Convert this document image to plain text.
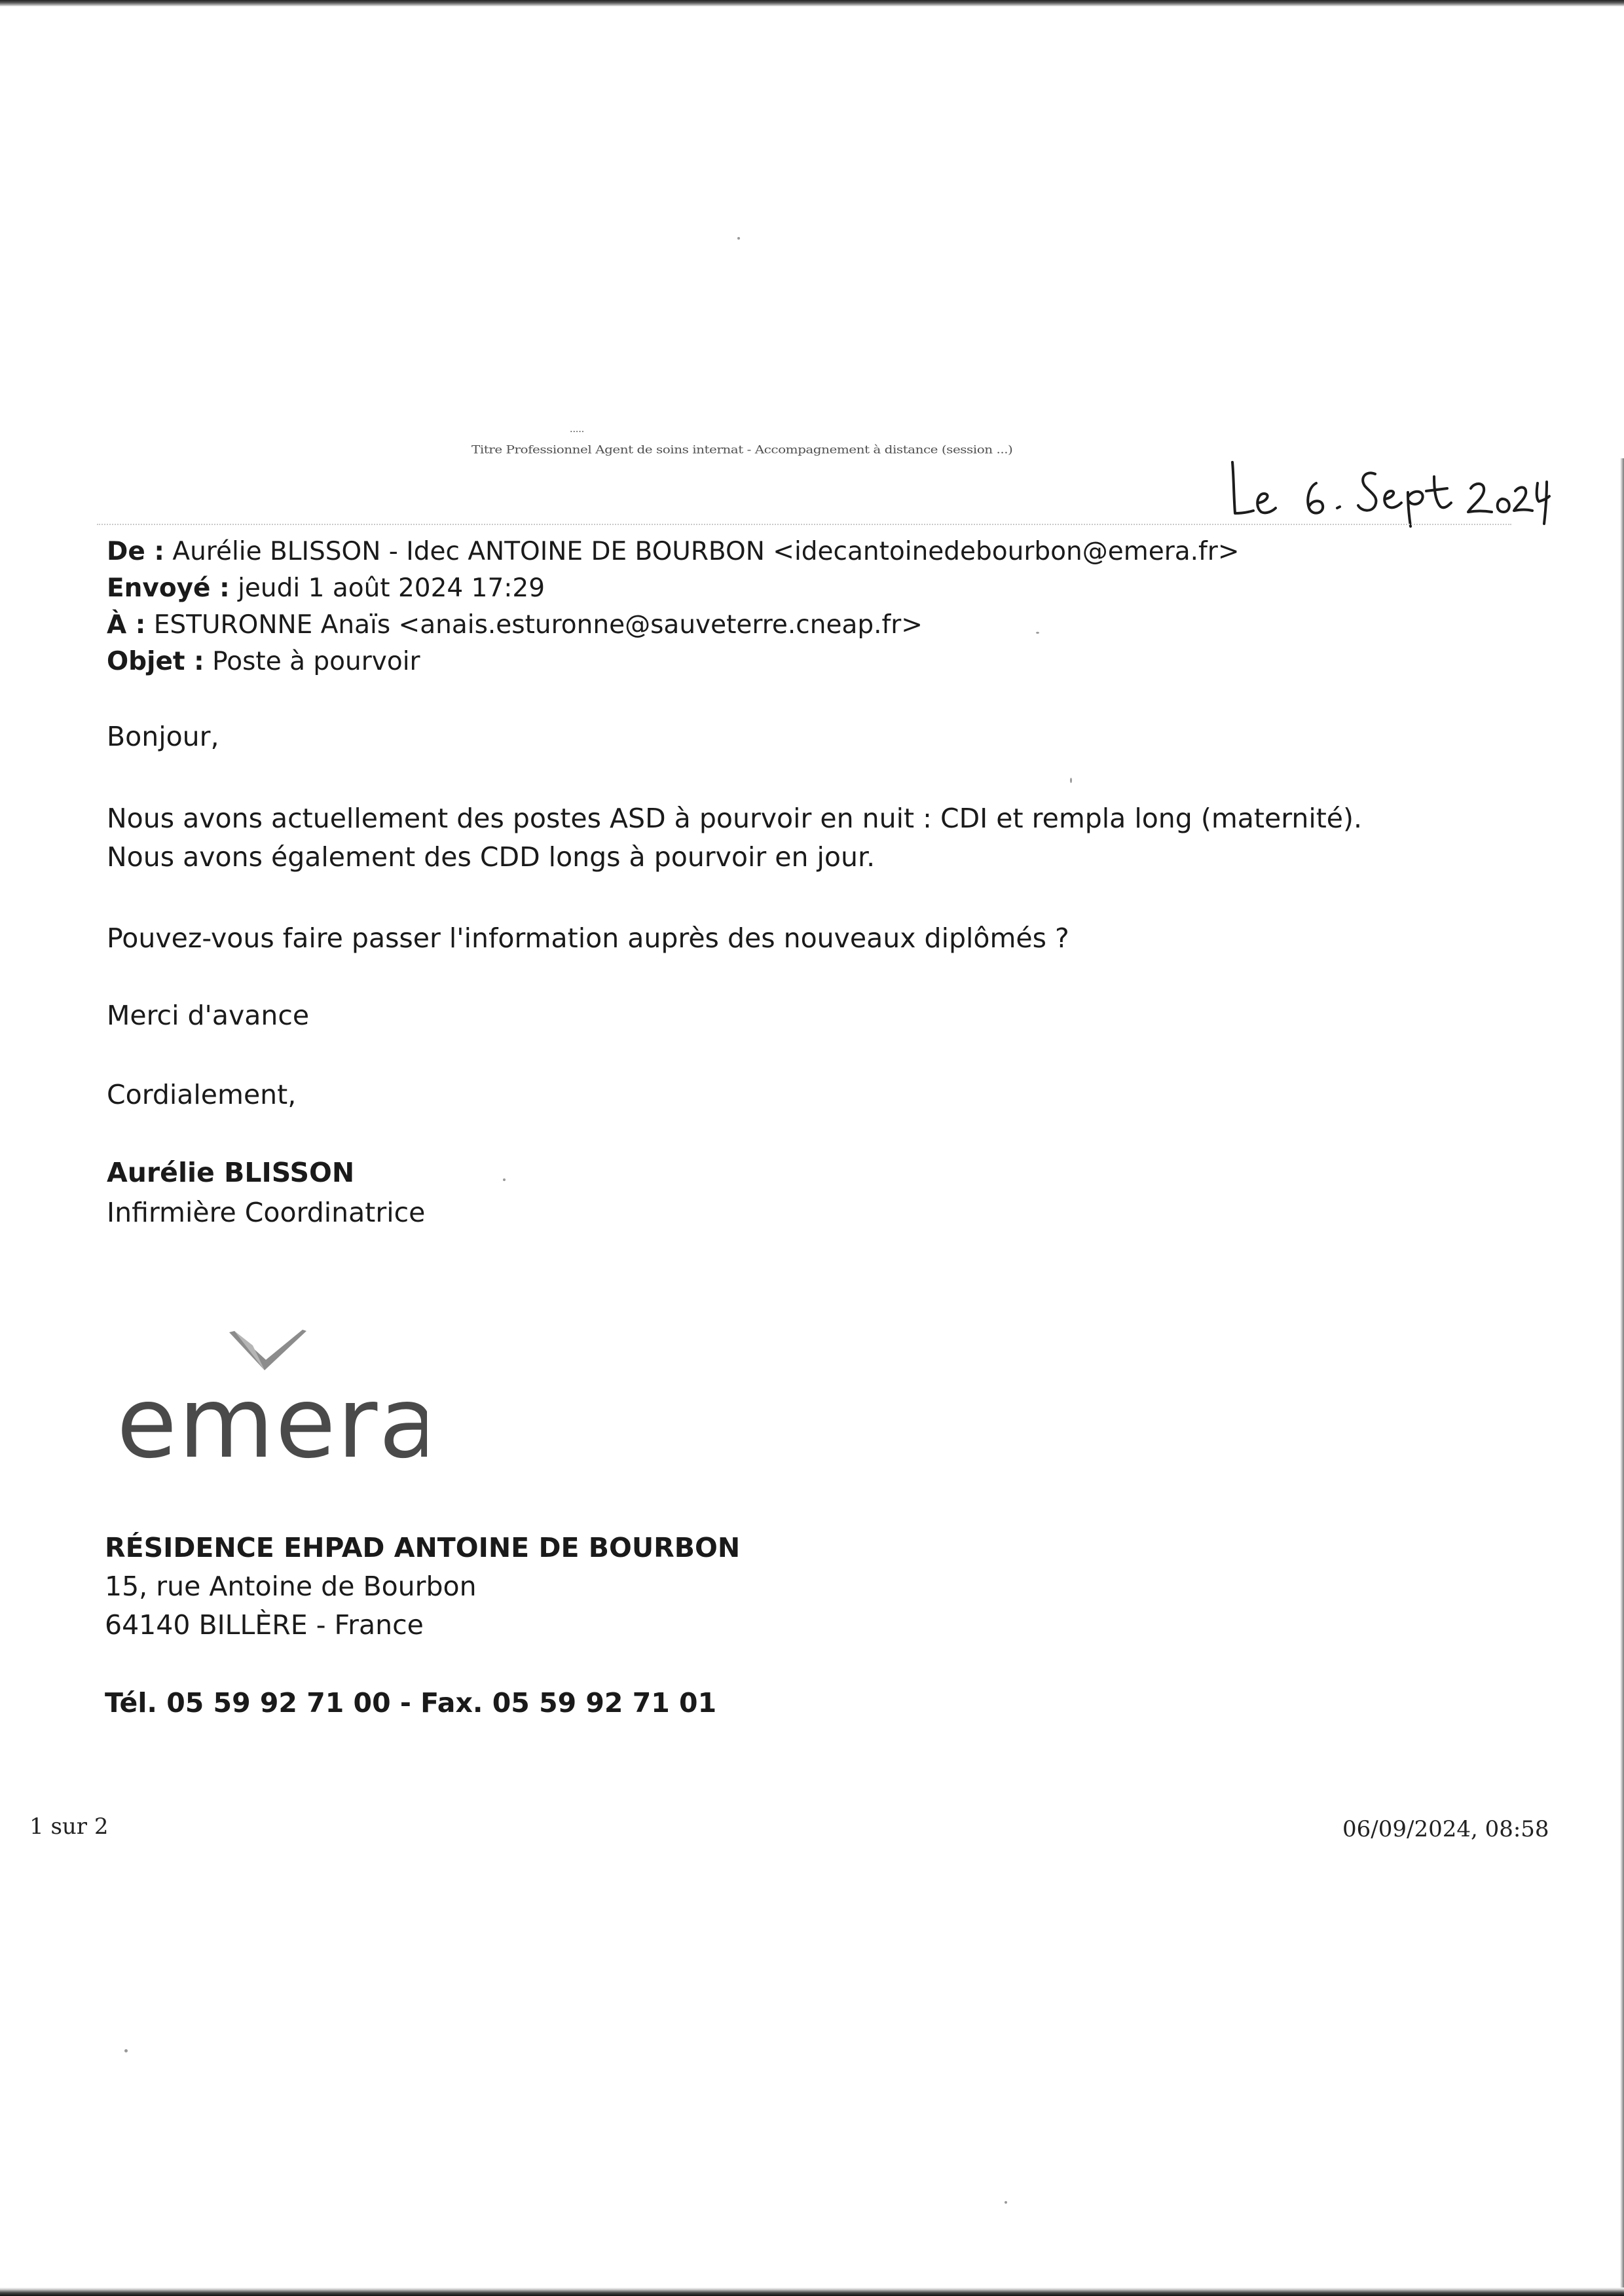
.....
Titre Professionnel Agent de soins internat - Accompagnement à distance (session ...)	Le 6. Sept 2024
De : Aurélie BLISSON - Idec ANTOINE DE BOURBON <idecantoinedebourbon@emera.fr>
Envoyé : jeudi 1 août 2024 17:29
À : ESTURONNE Anaïs <anais.esturonne@sauveterre.cneap.fr>
Objet : Poste à pourvoir
Bonjour,
Nous avons actuellement des postes ASD à pourvoir en nuit : CDI et rempla long (maternité).
Nous avons également des CDD longs à pourvoir en jour.
Pouvez-vous faire passer l'information auprès des nouveaux diplômés ?
Merci d'avance
Cordialement,
Aurélie BLISSON
Infirmière Coordinatrice
emera
RÉSIDENCE EHPAD ANTOINE DE BOURBON
15, rue Antoine de Bourbon
64140 BILLÈRE - France
Tél. 05 59 92 71 00 - Fax. 05 59 92 71 01
1 sur 2	06/09/2024, 08:58
